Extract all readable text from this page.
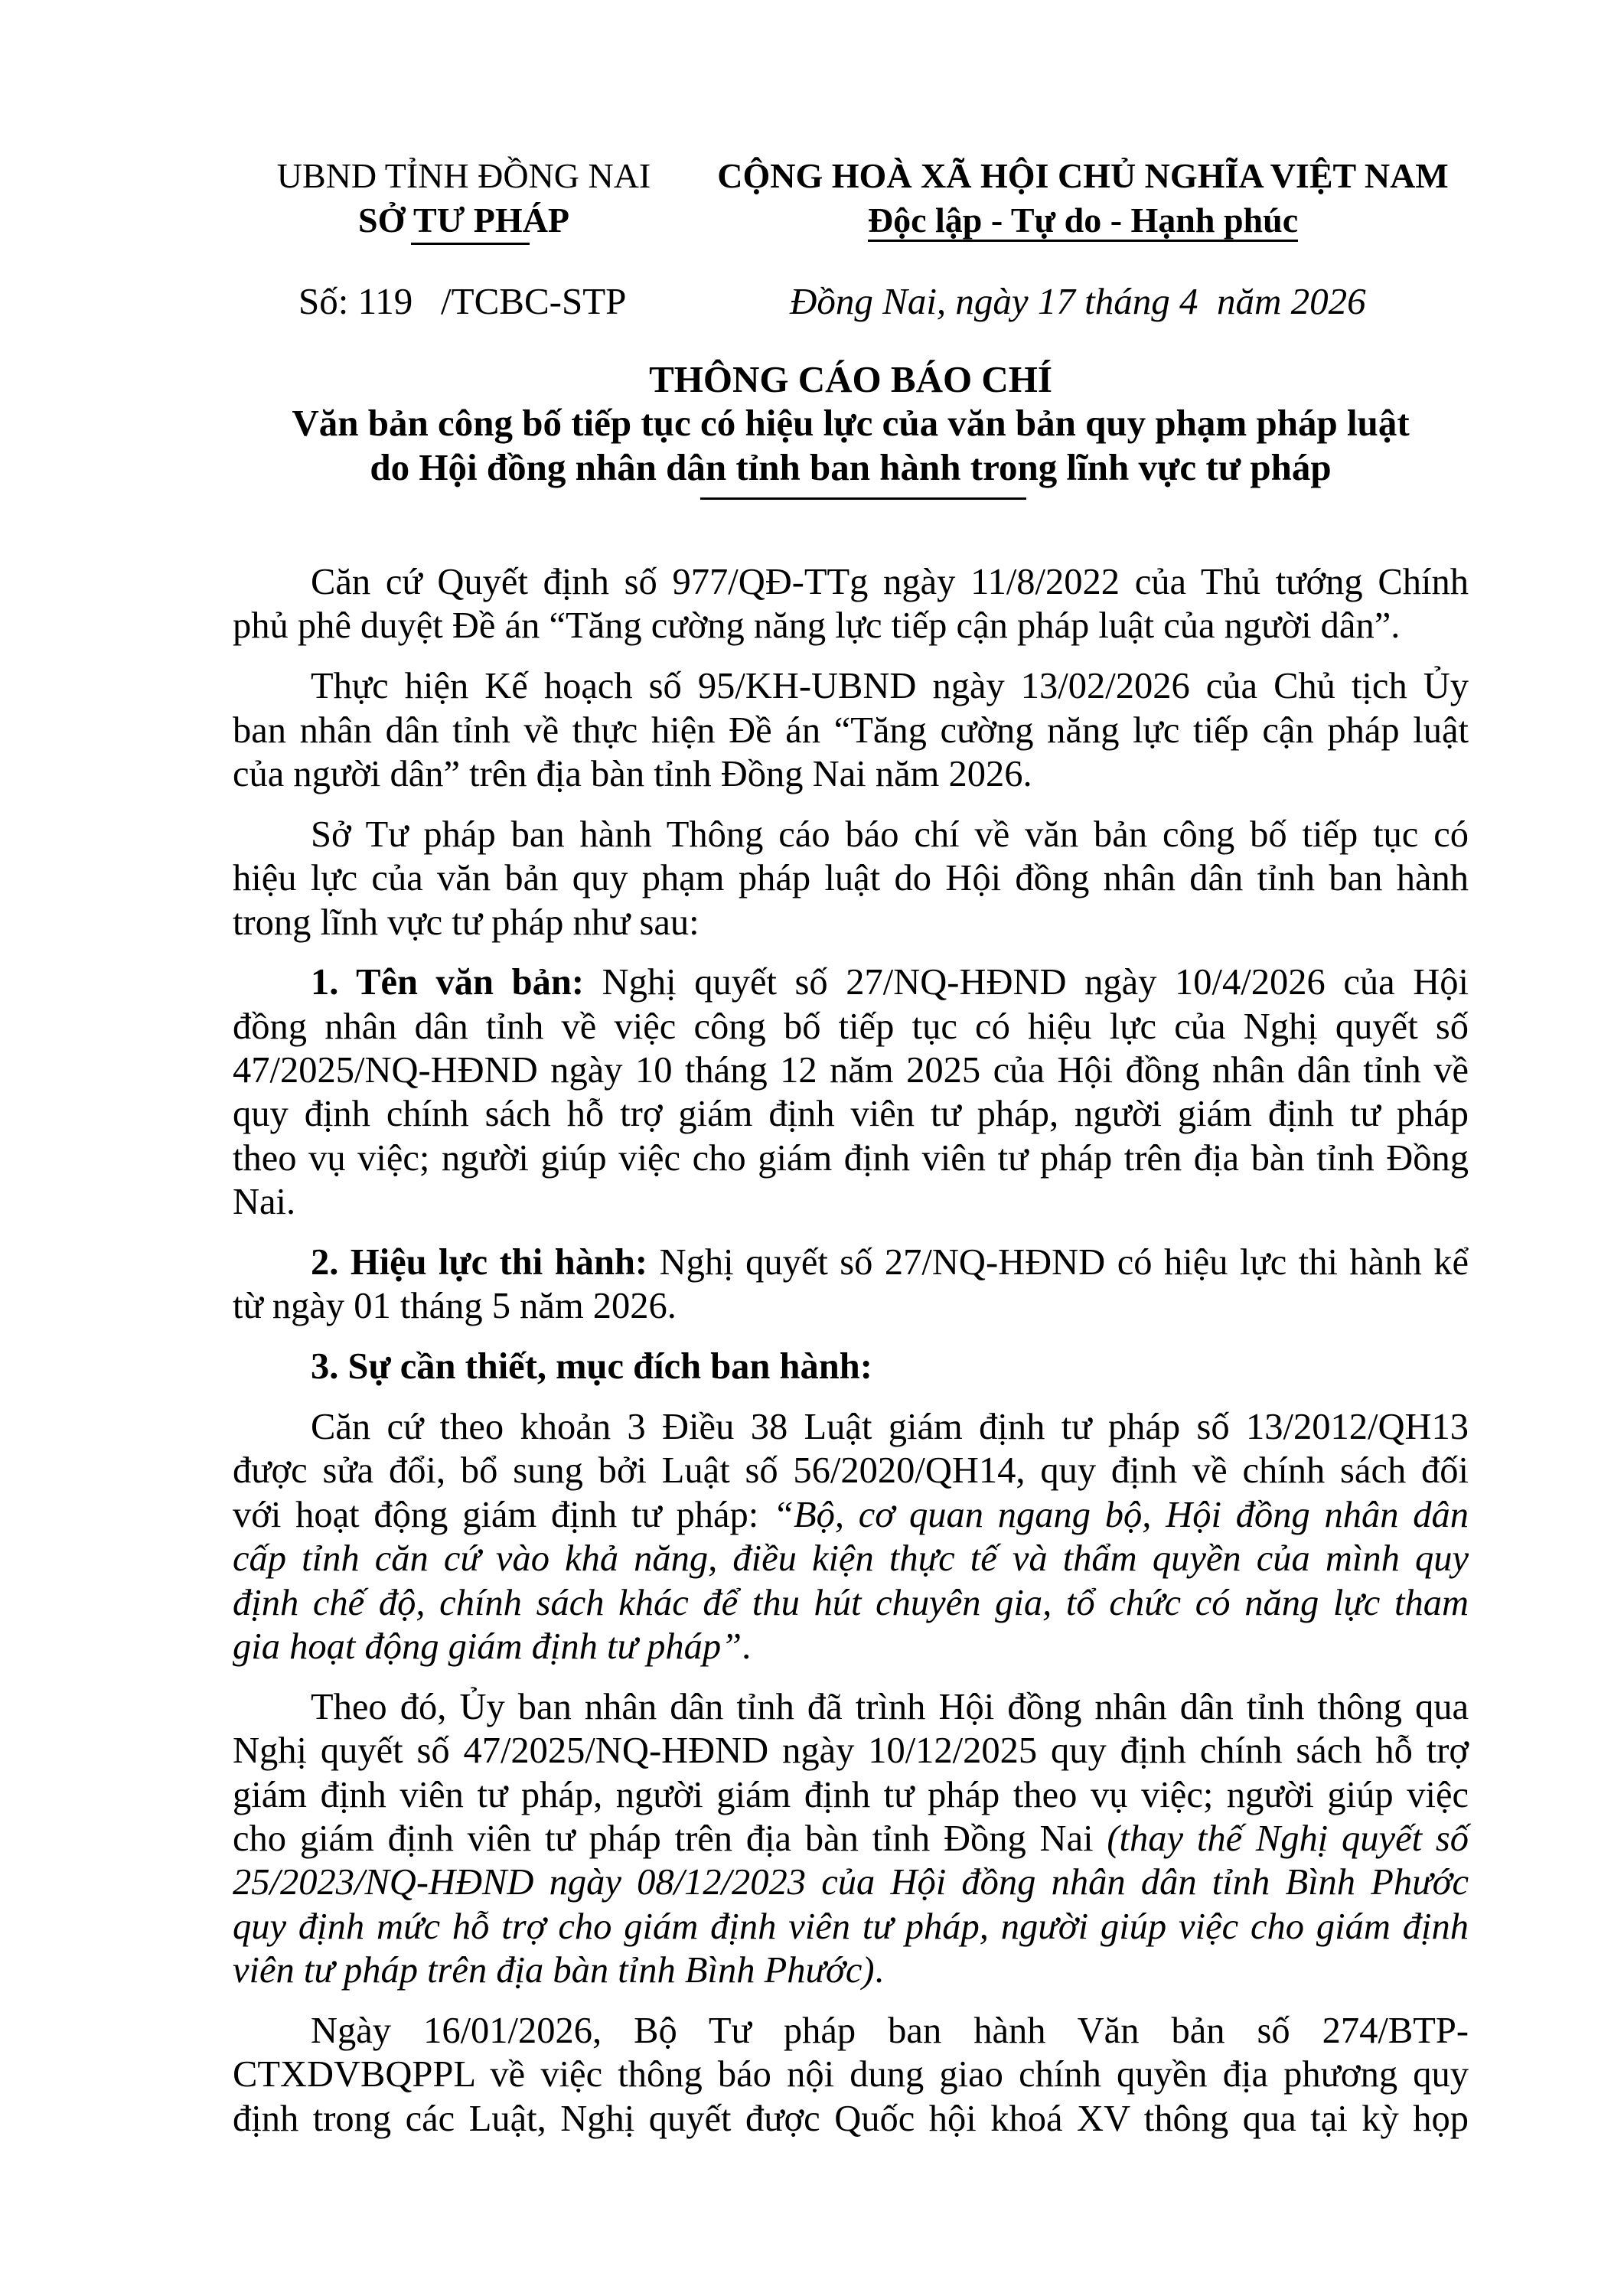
UBND TỈNH ĐỒNG NAI
SỞ TƯ PHÁP
CỘNG HOÀ XÃ HỘI CHỦ NGHĨA VIỆT NAM
Độc lập - Tự do - Hạnh phúc
Số: 119   /TCBC-STP	Đồng Nai, ngày 17 tháng 4  năm 2026
THÔNG CÁO BÁO CHÍ
Văn bản công bố tiếp tục có hiệu lực của văn bản quy phạm pháp luật
do Hội đồng nhân dân tỉnh ban hành trong lĩnh vực tư pháp
Căn cứ Quyết định số 977/QĐ-TTg ngày 11/8/2022 của Thủ tướng Chính
phủ phê duyệt Đề án “Tăng cường năng lực tiếp cận pháp luật của người dân”.
Thực hiện Kế hoạch số 95/KH-UBND ngày 13/02/2026 của Chủ tịch Ủy
ban nhân dân tỉnh về thực hiện Đề án “Tăng cường năng lực tiếp cận pháp luật
của người dân” trên địa bàn tỉnh Đồng Nai năm 2026.
Sở Tư pháp ban hành Thông cáo báo chí về văn bản công bố tiếp tục có
hiệu lực của văn bản quy phạm pháp luật do Hội đồng nhân dân tỉnh ban hành
trong lĩnh vực tư pháp như sau:
1. Tên văn bản: Nghị quyết số 27/NQ-HĐND ngày 10/4/2026 của Hội
đồng nhân dân tỉnh về việc công bố tiếp tục có hiệu lực của Nghị quyết số
47/2025/NQ-HĐND ngày 10 tháng 12 năm 2025 của Hội đồng nhân dân tỉnh về
quy định chính sách hỗ trợ giám định viên tư pháp, người giám định tư pháp
theo vụ việc; người giúp việc cho giám định viên tư pháp trên địa bàn tỉnh Đồng
Nai.
2. Hiệu lực thi hành: Nghị quyết số 27/NQ-HĐND có hiệu lực thi hành kể
từ ngày 01 tháng 5 năm 2026.
3. Sự cần thiết, mục đích ban hành:
Căn cứ theo khoản 3 Điều 38 Luật giám định tư pháp số 13/2012/QH13
được sửa đổi, bổ sung bởi Luật số 56/2020/QH14, quy định về chính sách đối
với hoạt động giám định tư pháp: “Bộ, cơ quan ngang bộ, Hội đồng nhân dân
cấp tỉnh căn cứ vào khả năng, điều kiện thực tế và thẩm quyền của mình quy
định chế độ, chính sách khác để thu hút chuyên gia, tổ chức có năng lực tham
gia hoạt động giám định tư pháp”.
Theo đó, Ủy ban nhân dân tỉnh đã trình Hội đồng nhân dân tỉnh thông qua
Nghị quyết số 47/2025/NQ-HĐND ngày 10/12/2025 quy định chính sách hỗ trợ
giám định viên tư pháp, người giám định tư pháp theo vụ việc; người giúp việc
cho giám định viên tư pháp trên địa bàn tỉnh Đồng Nai (thay thế Nghị quyết số
25/2023/NQ-HĐND ngày 08/12/2023 của Hội đồng nhân dân tỉnh Bình Phước
quy định mức hỗ trợ cho giám định viên tư pháp, người giúp việc cho giám định
viên tư pháp trên địa bàn tỉnh Bình Phước).
Ngày 16/01/2026, Bộ Tư pháp ban hành Văn bản số 274/BTP-
CTXDVBQPPL về việc thông báo nội dung giao chính quyền địa phương quy
định trong các Luật, Nghị quyết được Quốc hội khoá XV thông qua tại kỳ họp
